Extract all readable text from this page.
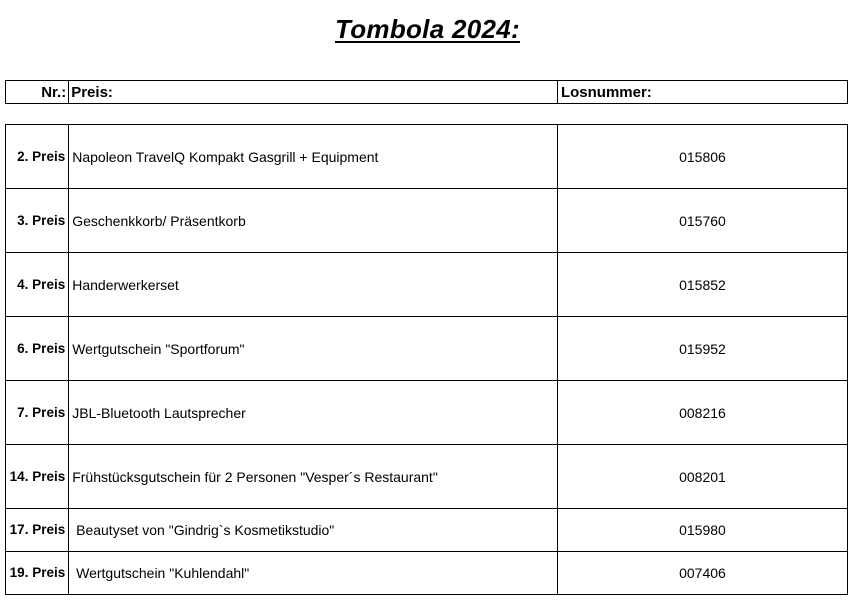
Tombola 2024:
Nr.:	Preis:	Losnummer:
2. Preis	Napoleon TravelQ Kompakt Gasgrill + Equipment	015806
3. Preis	Geschenkkorb/ Präsentkorb	015760
4. Preis	Handerwerkerset	015852
6. Preis	Wertgutschein "Sportforum"	015952
7. Preis	JBL-Bluetooth Lautsprecher	008216
14. Preis	Frühstücksgutschein für 2 Personen "Vesper´s Restaurant"	008201
17. Preis	Beautyset von "Gindrig`s Kosmetikstudio"	015980
19. Preis	Wertgutschein "Kuhlendahl"	007406
